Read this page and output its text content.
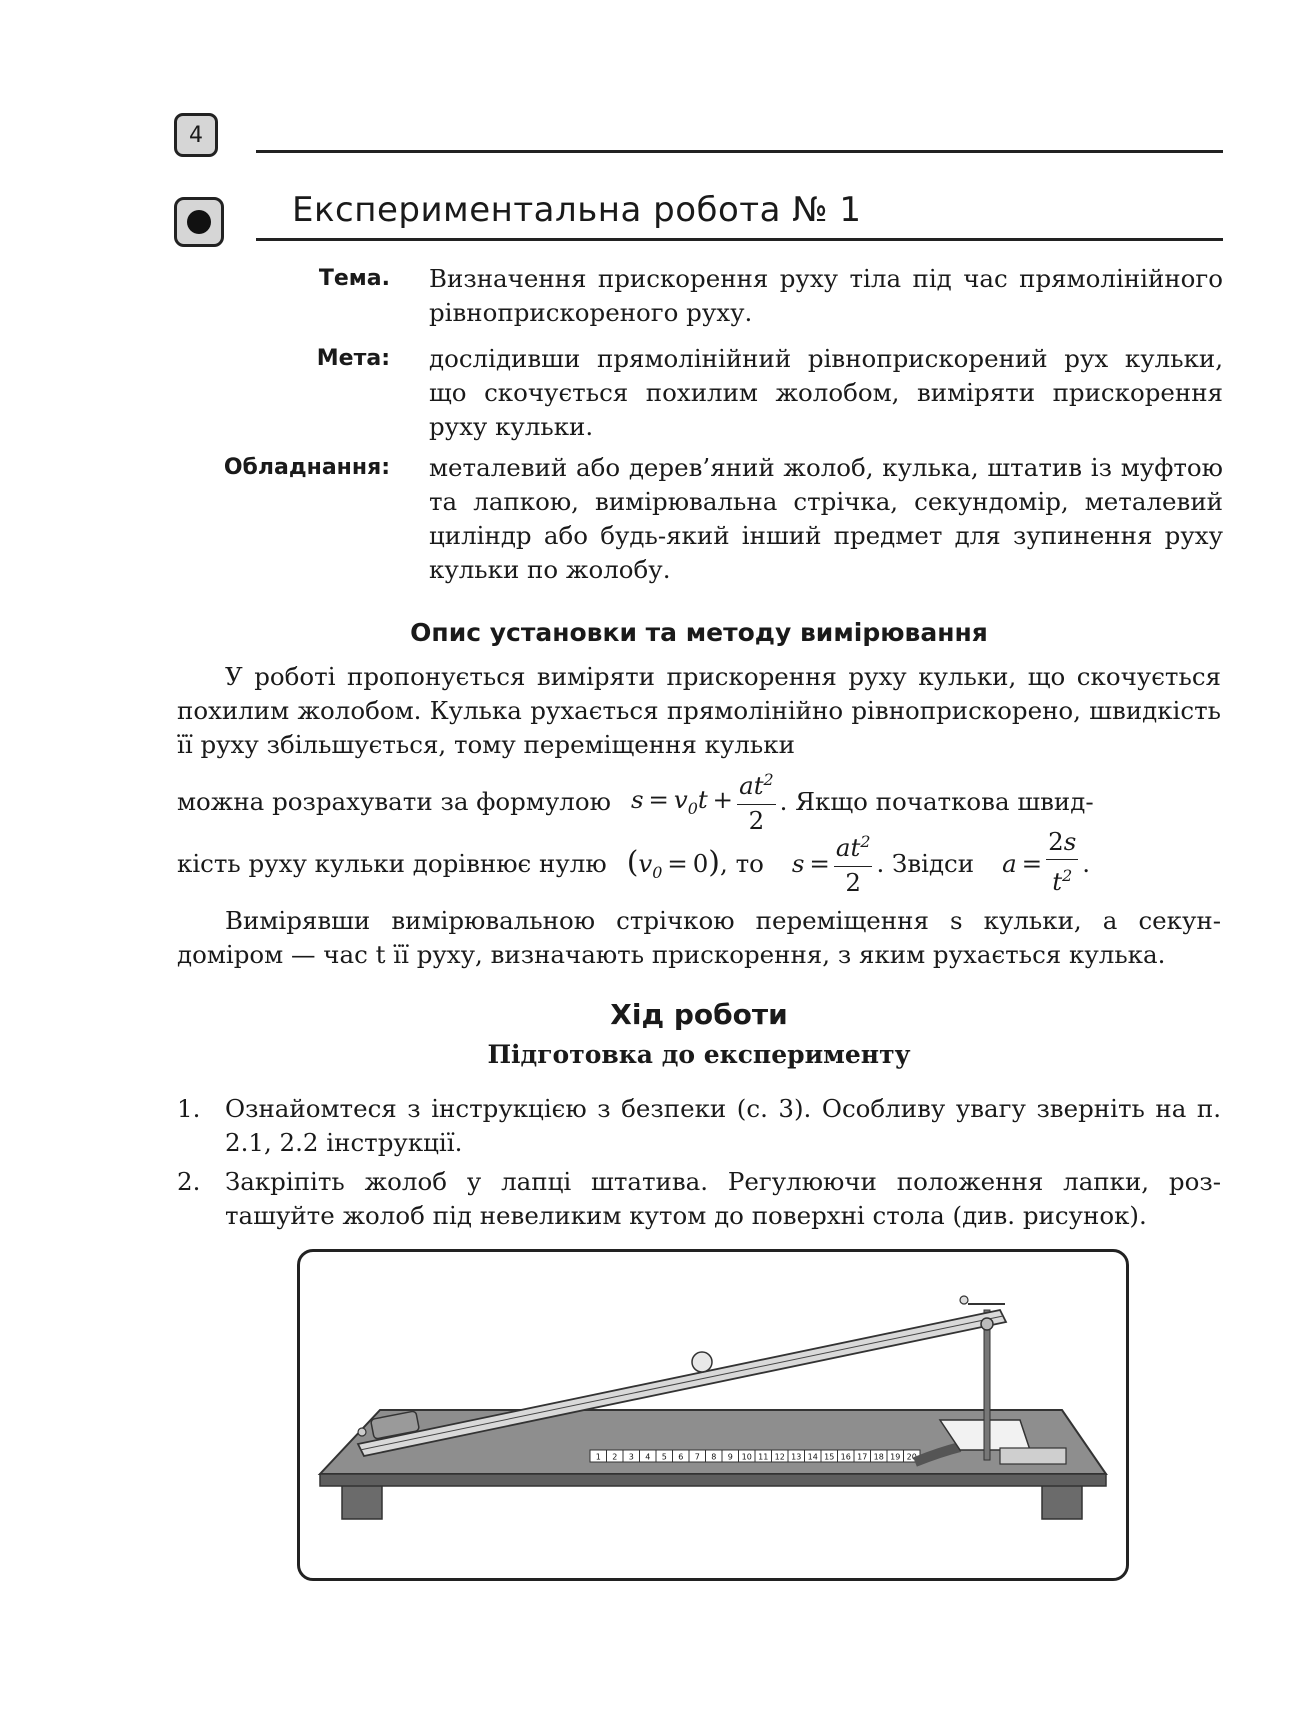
4
Експериментальна робота № 1
Тема. Визначення прискорення руху тіла під час прямолінійного рівноприскореного руху.
Мета: дослідивши прямолінійний рівноприскорений рух кульки, що скочується похилим жолобом, виміряти прискорення руху кульки.
Обладнання: металевий або дерев’яний жолоб, кулька, штатив із муфтою та лапкою, вимірювальна стрічка, секундомір, металевий циліндр або будь-який інший предмет для зупинення руху кульки по жолобу.
Опис установки та методу вимірювання
У роботі пропонується виміряти прискорення руху кульки, що скочується похилим жолобом. Кулька рухається прямолінійно рівноприскорено, швидкість її руху збільшується, тому переміщення кульки
можна розрахувати за формулою $s = v_0t + \frac{at^2}{2}$ . Якщо початкова швид-
кість руху кульки дорівнює нулю $(v_0 = 0)$ , то $s = \frac{at^2}{2}$ . Звідси $a = \frac{2s}{t^2}$ .
Вимірявши вимірювальною стрічкою переміщення s кульки, а секундоміром — час t її руху, визначають прискорення, з яким рухається кулька.
Хід роботи
Підготовка до експерименту
1.	Ознайомтеся з інструкцією з безпеки (с. 3). Особливу увагу зверніть на п. 2.1, 2.2 інструкції.
2.	Закріпіть жолоб у лапці штатива. Регулюючи положення лапки, розташуйте жолоб під невеликим кутом до поверхні стола (див. рисунок).
1 2 3 4 5 6 7 8 9 10 11 12 13 14 15 16 17 18 19 20
